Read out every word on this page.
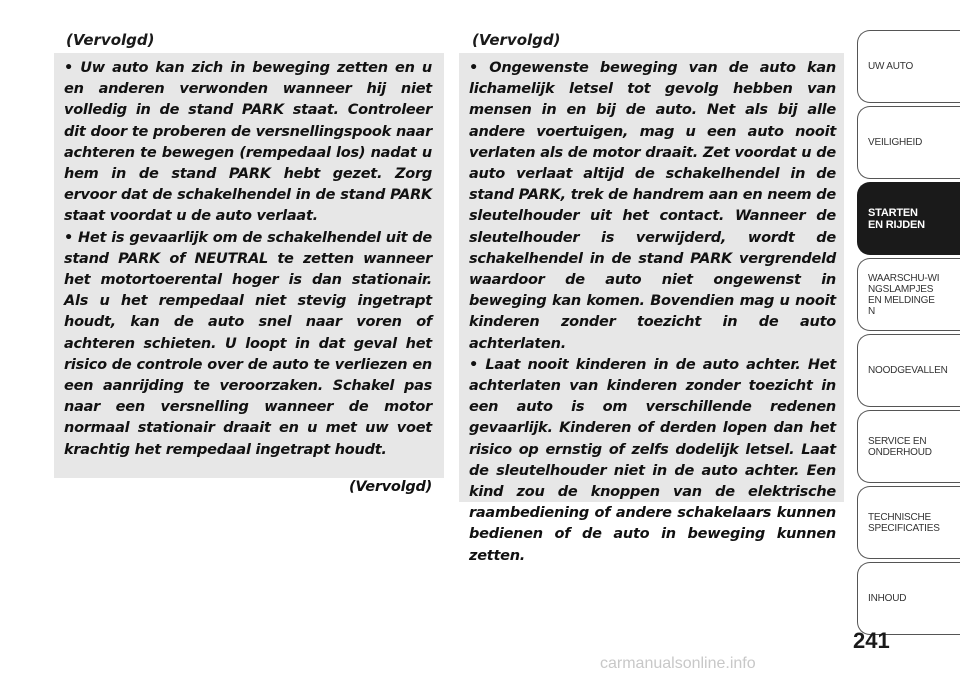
(Vervolgd)

• Uw auto kan zich in beweging zetten en u en anderen verwonden wanneer hij niet volledig in de stand PARK staat. Controleer dit door te proberen de versnellingspook naar achteren te bewegen (rempedaal los) nadat u hem in de stand PARK hebt gezet. Zorg ervoor dat de schakelhendel in de stand PARK staat voordat u de auto verlaat.

• Het is gevaarlijk om de schakelhendel uit de stand PARK of NEUTRAL te zetten wanneer het motortoerental hoger is dan stationair. Als u het rempedaal niet stevig ingetrapt houdt, kan de auto snel naar voren of achteren schieten. U loopt in dat geval het risico de controle over de auto te verliezen en een aanrijding te veroorzaken. Schakel pas naar een versnelling wanneer de motor normaal stationair draait en u met uw voet krachtig het rempedaal ingetrapt houdt.

(Vervolgd)

(Vervolgd)

• Ongewenste beweging van de auto kan lichamelijk letsel tot gevolg hebben van mensen in en bij de auto. Net als bij alle andere voertuigen, mag u een auto nooit verlaten als de motor draait. Zet voordat u de auto verlaat altijd de schakelhendel in de stand PARK, trek de handrem aan en neem de sleutelhouder uit het contact. Wanneer de sleutelhouder is verwijderd, wordt de schakelhendel in de stand PARK vergrendeld waardoor de auto niet ongewenst in beweging kan komen. Bovendien mag u nooit kinderen zonder toezicht in de auto achterlaten.

• Laat nooit kinderen in de auto achter. Het achterlaten van kinderen zonder toezicht in een auto is om verschillende redenen gevaarlijk. Kinderen of derden lopen dan het risico op ernstig of zelfs dodelijk letsel. Laat de sleutelhouder niet in de auto achter. Een kind zou de knoppen van de elektrische raambediening of andere schakelaars kunnen bedienen of de auto in beweging kunnen zetten.

UW AUTO
VEILIGHEID
STARTEN EN RIJDEN
WAARSCHU-WINGSLAMPJES EN MELDINGEN
NOODGEVALLEN
SERVICE EN ONDERHOUD
TECHNISCHE SPECIFICATIES
INHOUD
241
carmanualsonline.info
